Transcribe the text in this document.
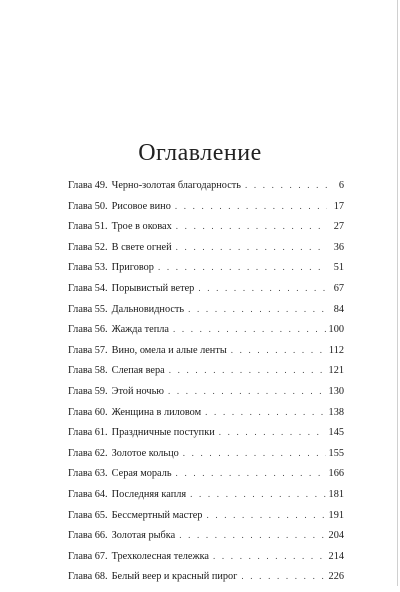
Оглавление
Глава 49. Черно-золотая благодарность . . .	6
Глава 50. Рисовое вино . . .	17
Глава 51. Трое в оковах . . .	27
Глава 52. В свете огней . . .	36
Глава 53. Приговор . . .	51
Глава 54. Порывистый ветер . . .	67
Глава 55. Дальновидность . . .	84
Глава 56. Жажда тепла . . .	100
Глава 57. Вино, омела и алые ленты . . .	112
Глава 58. Слепая вера . . .	121
Глава 59. Этой ночью . . .	130
Глава 60. Женщина в лиловом . . .	138
Глава 61. Праздничные поступки . . .	145
Глава 62. Золотое кольцо . . .	155
Глава 63. Серая мораль . . .	166
Глава 64. Последняя капля . . .	181
Глава 65. Бессмертный мастер . . .	191
Глава 66. Золотая рыбка . . .	204
Глава 67. Трехколесная тележка . . .	214
Глава 68. Белый веер и красный пирог . . .	226
